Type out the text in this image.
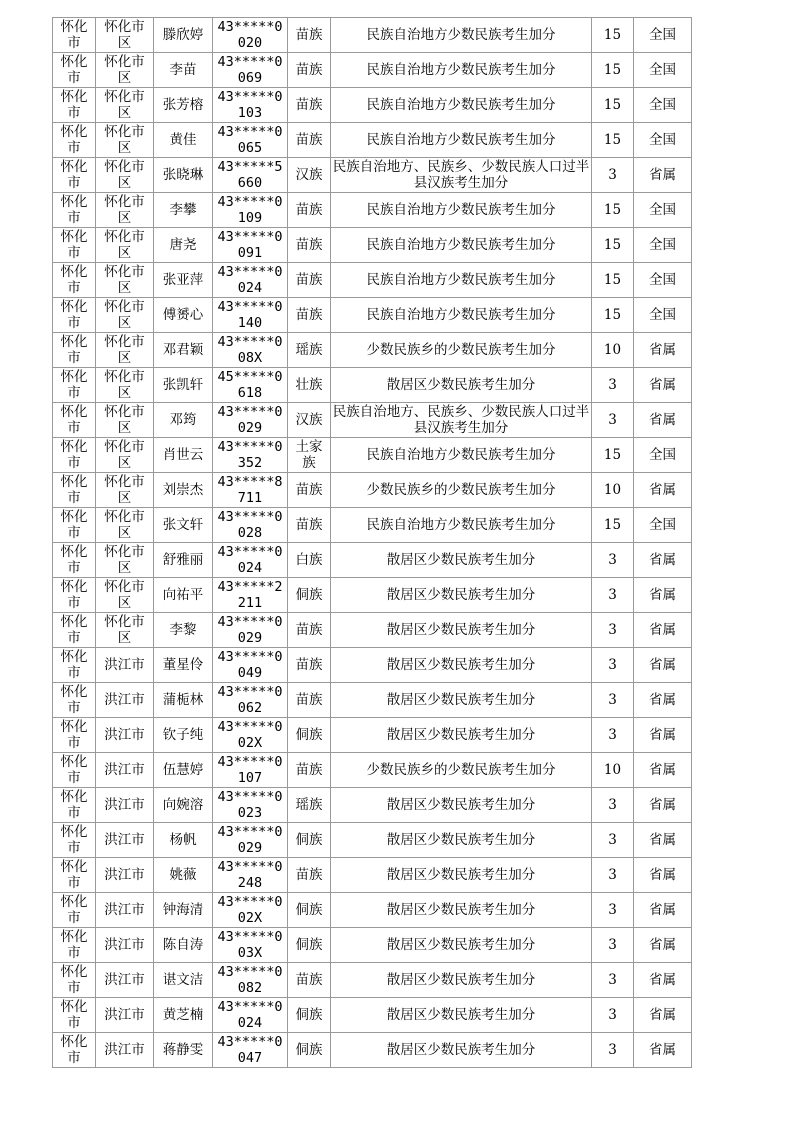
怀化市	怀化市区	滕欣婷	43*****0020	苗族	民族自治地方少数民族考生加分	15	全国

怀化市	怀化市区	李苗	43*****0069	苗族	民族自治地方少数民族考生加分	15	全国

怀化市	怀化市区	张芳榕	43*****0103	苗族	民族自治地方少数民族考生加分	15	全国

怀化市	怀化市区	黄佳	43*****0065	苗族	民族自治地方少数民族考生加分	15	全国

怀化市	怀化市区	张晓琳	43*****5660	汉族	民族自治地方、民族乡、少数民族人口过半县汉族考生加分	3	省属

怀化市	怀化市区	李攀	43*****0109	苗族	民族自治地方少数民族考生加分	15	全国

怀化市	怀化市区	唐尧	43*****0091	苗族	民族自治地方少数民族考生加分	15	全国

怀化市	怀化市区	张亚萍	43*****0024	苗族	民族自治地方少数民族考生加分	15	全国

怀化市	怀化市区	傅赟心	43*****0140	苗族	民族自治地方少数民族考生加分	15	全国

怀化市	怀化市区	邓君颖	43*****008X	瑶族	少数民族乡的少数民族考生加分	10	省属

怀化市	怀化市区	张凯轩	45*****0618	壮族	散居区少数民族考生加分	3	省属

怀化市	怀化市区	邓筠	43*****0029	汉族	民族自治地方、民族乡、少数民族人口过半县汉族考生加分	3	省属

怀化市	怀化市区	肖世云	43*****0352	土家族	民族自治地方少数民族考生加分	15	全国

怀化市	怀化市区	刘崇杰	43*****8711	苗族	少数民族乡的少数民族考生加分	10	省属

怀化市	怀化市区	张文轩	43*****0028	苗族	民族自治地方少数民族考生加分	15	全国

怀化市	怀化市区	舒雅丽	43*****0024	白族	散居区少数民族考生加分	3	省属

怀化市	怀化市区	向祐平	43*****2211	侗族	散居区少数民族考生加分	3	省属

怀化市	怀化市区	李黎	43*****0029	苗族	散居区少数民族考生加分	3	省属

怀化市	洪江市	董星伶	43*****0049	苗族	散居区少数民族考生加分	3	省属

怀化市	洪江市	蒲栀林	43*****0062	苗族	散居区少数民族考生加分	3	省属

怀化市	洪江市	钦子纯	43*****002X	侗族	散居区少数民族考生加分	3	省属

怀化市	洪江市	伍慧婷	43*****0107	苗族	少数民族乡的少数民族考生加分	10	省属

怀化市	洪江市	向婉溶	43*****0023	瑶族	散居区少数民族考生加分	3	省属

怀化市	洪江市	杨帆	43*****0029	侗族	散居区少数民族考生加分	3	省属

怀化市	洪江市	姚薇	43*****0248	苗族	散居区少数民族考生加分	3	省属

怀化市	洪江市	钟海清	43*****002X	侗族	散居区少数民族考生加分	3	省属

怀化市	洪江市	陈自涛	43*****003X	侗族	散居区少数民族考生加分	3	省属

怀化市	洪江市	谌文洁	43*****0082	苗族	散居区少数民族考生加分	3	省属

怀化市	洪江市	黄芝楠	43*****0024	侗族	散居区少数民族考生加分	3	省属

怀化市	洪江市	蒋静雯	43*****0047	侗族	散居区少数民族考生加分	3	省属
